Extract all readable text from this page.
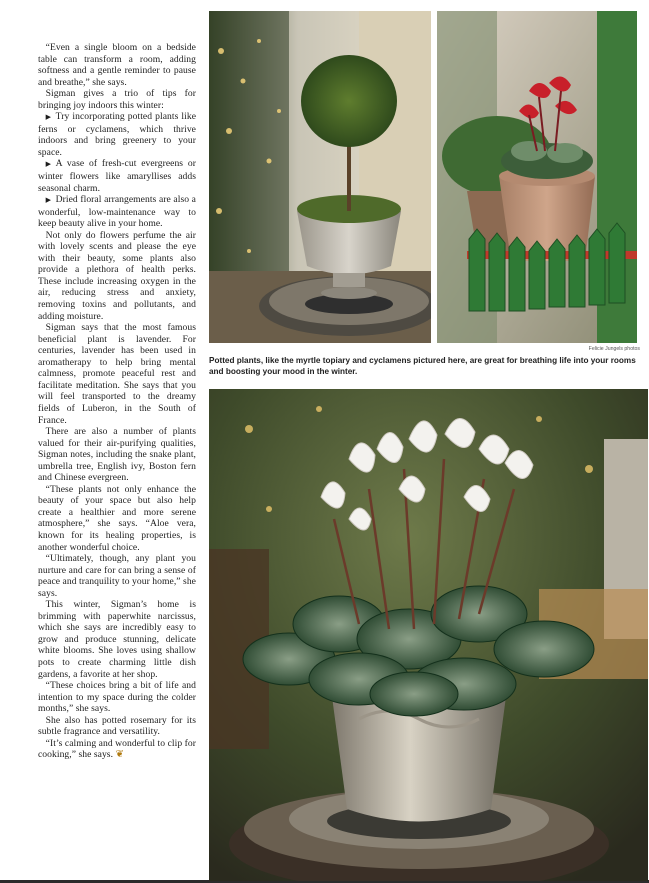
“Even a single bloom on a bedside table can transform a room, adding softness and a gentle reminder to pause and breathe,” she says.

Sigman gives a trio of tips for bringing joy indoors this winter:

▶ Try incorporating potted plants like ferns or cyclamens, which thrive indoors and bring greenery to your space.

▶ A vase of fresh-cut evergreens or winter flowers like amaryllises adds seasonal charm.

▶ Dried floral arrangements are also a wonderful, low-maintenance way to keep beauty alive in your home.

Not only do flowers perfume the air with lovely scents and please the eye with their beauty, some plants also provide a plethora of health perks. These include increasing oxygen in the air, reducing stress and anxiety, removing toxins and pollutants, and adding moisture.

Sigman says that the most famous beneficial plant is lavender. For centuries, lavender has been used in aromatherapy to help bring mental calmness, promote peaceful rest and facilitate meditation. She says that you will feel transported to the dreamy fields of Luberon, in the South of France.

There are also a number of plants valued for their air-purifying qualities, Sigman notes, including the snake plant, umbrella tree, English ivy, Boston fern and Chinese evergreen.

“These plants not only enhance the beauty of your space but also help create a healthier and more serene atmosphere,” she says. “Aloe vera, known for its healing properties, is another wonderful choice.

“Ultimately, though, any plant you nurture and care for can bring a sense of peace and tranquility to your home,” she says.

This winter, Sigman’s home is brimming with paperwhite narcissus, which she says are incredibly easy to grow and produce stunning, delicate white blooms. She loves using shallow pots to create charming little dish gardens, a favorite at her shop.

“These choices bring a bit of life and intention to my space during the colder months,” she says.

She also has potted rosemary for its subtle fragrance and versatility.

“It’s calming and wonderful to clip for cooking,” she says. ❦

Felicie Jungels photos
Potted plants, like the myrtle topiary and cyclamens pictured here, are great for breathing life into your rooms and boosting your mood in the winter.
